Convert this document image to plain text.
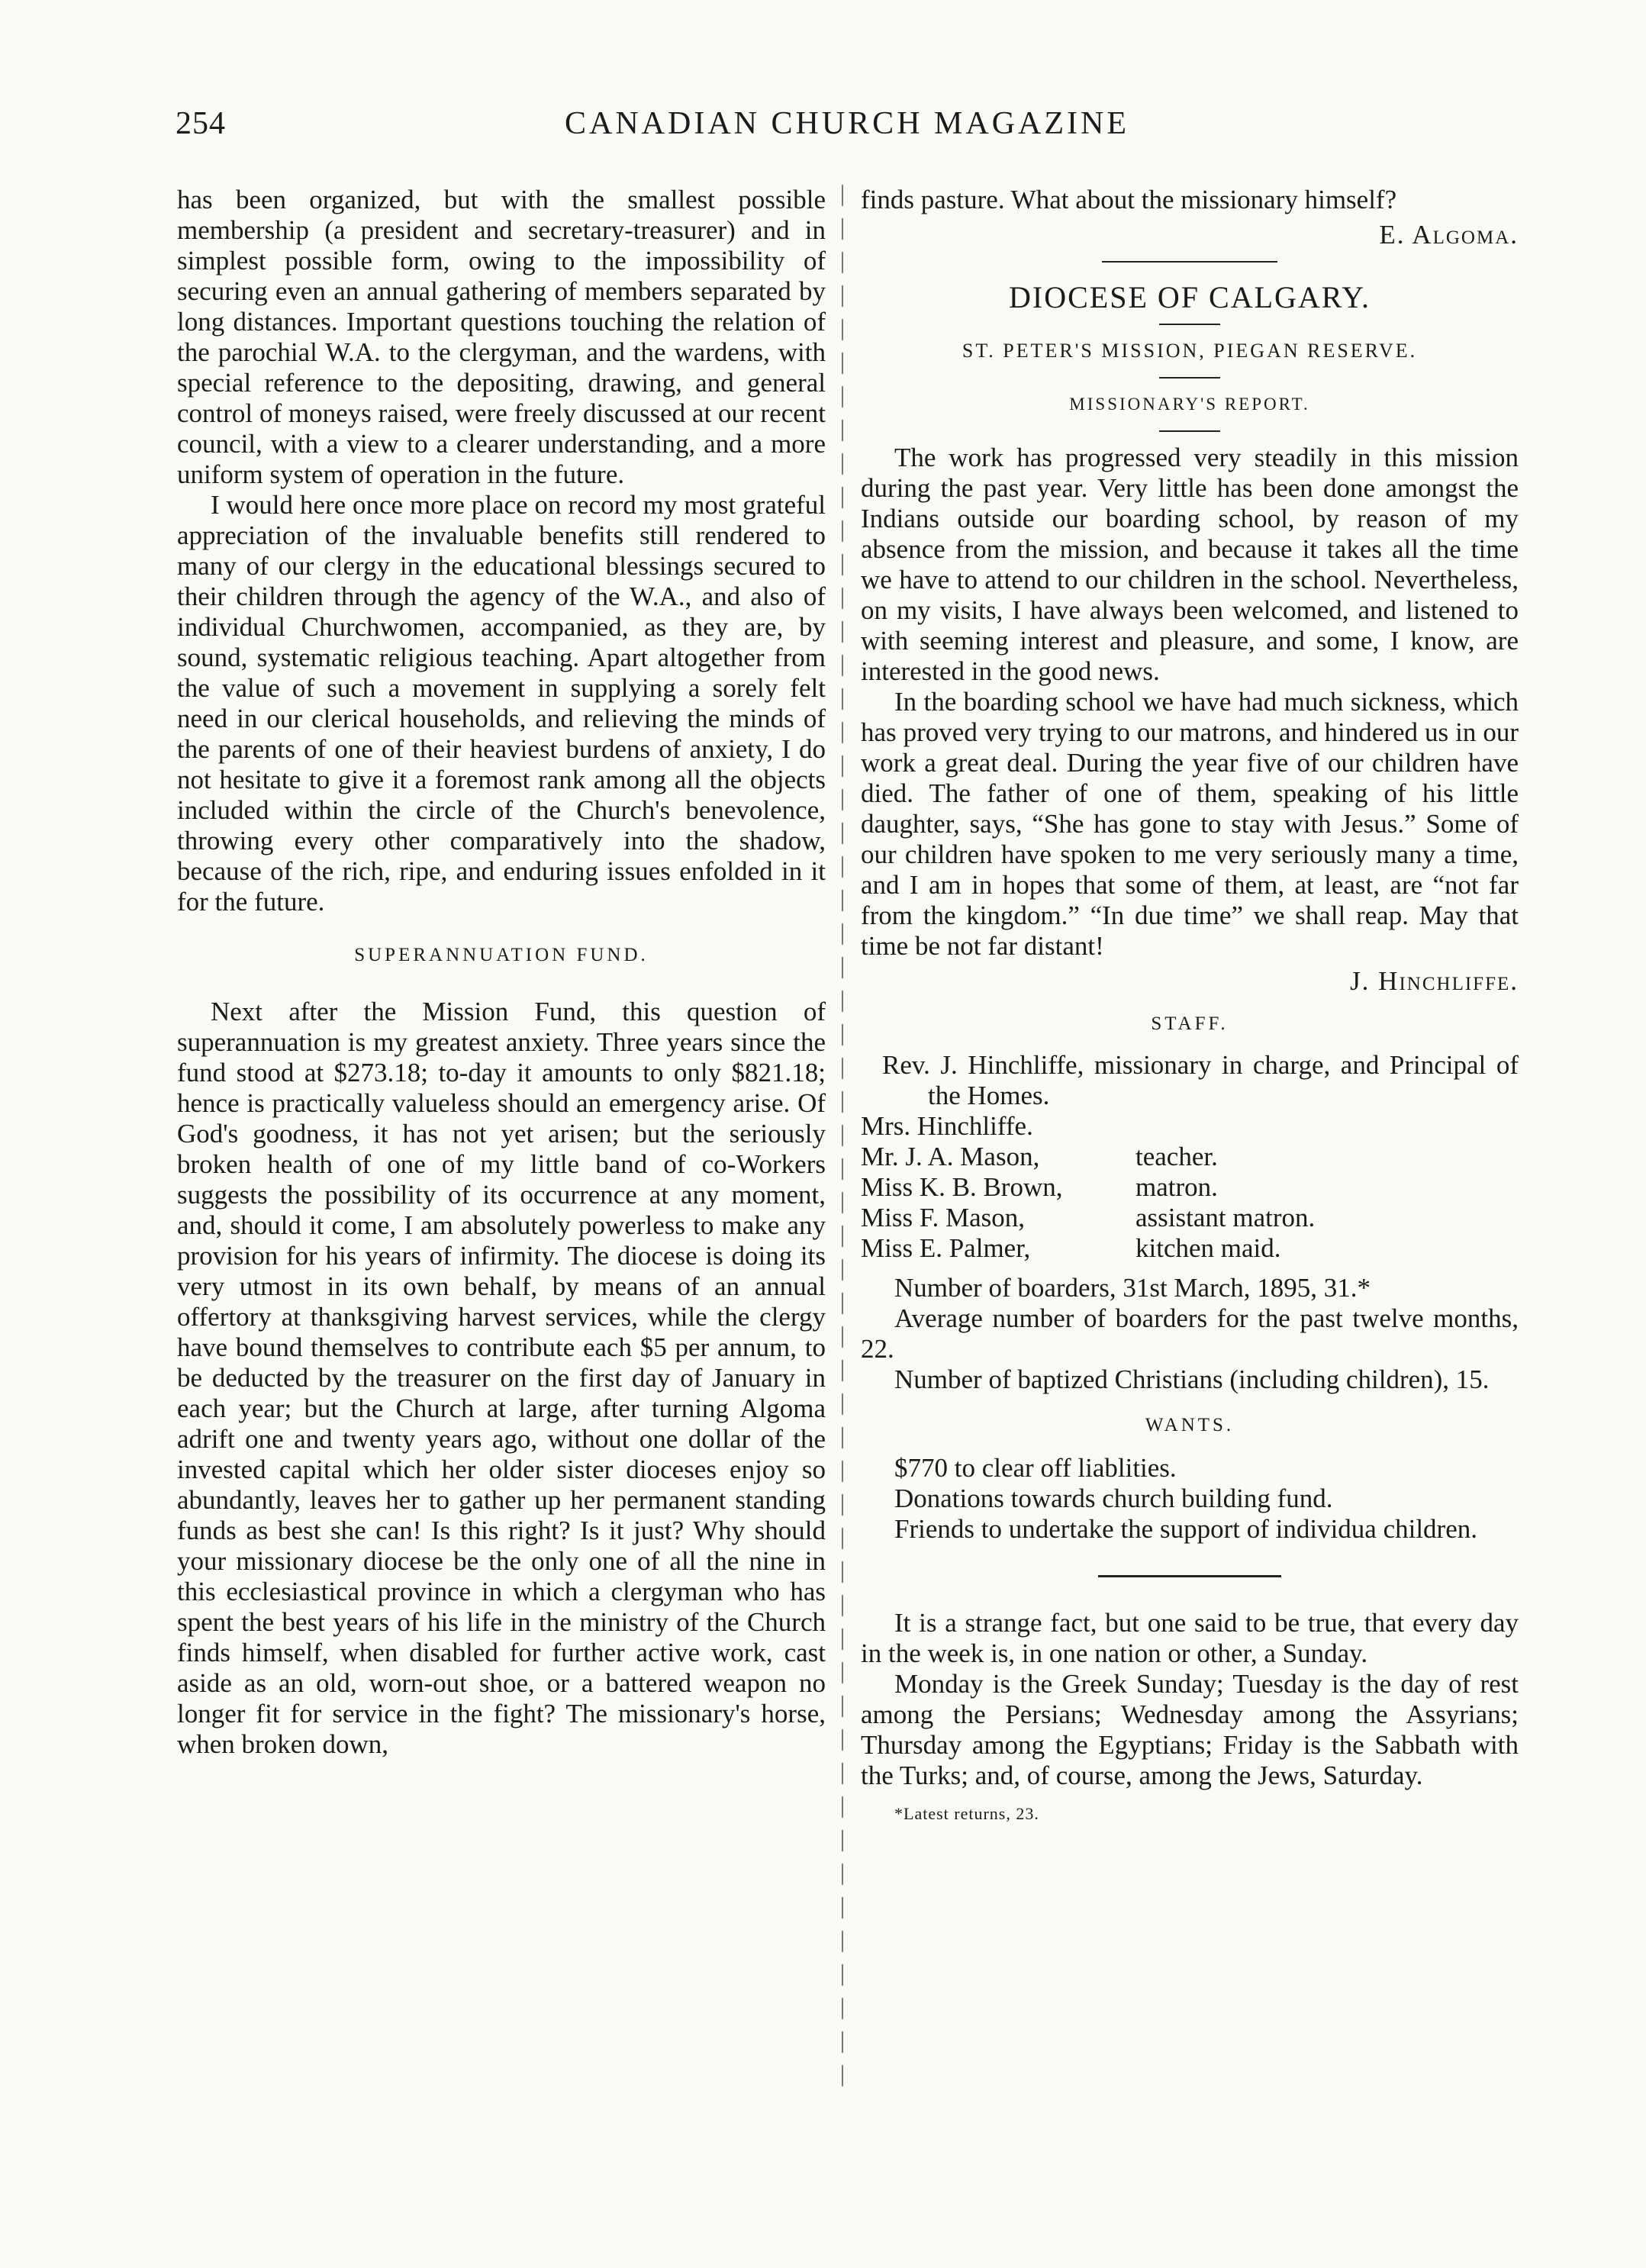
254	CANADIAN CHURCH MAGAZINE

has been organized, but with the smallest possible membership (a president and secretary-treasurer) and in simplest possible form, owing to the impossibility of securing even an annual gathering of members separated by long distances. Important questions touching the relation of the parochial W.A. to the clergyman, and the wardens, with special reference to the depositing, drawing, and general control of moneys raised, were freely discussed at our recent council, with a view to a clearer understanding, and a more uniform system of operation in the future.

I would here once more place on record my most grateful appreciation of the invaluable benefits still rendered to many of our clergy in the educational blessings secured to their children through the agency of the W.A., and also of individual Churchwomen, accompanied, as they are, by sound, systematic religious teaching. Apart altogether from the value of such a movement in supplying a sorely felt need in our clerical households, and relieving the minds of the parents of one of their heaviest burdens of anxiety, I do not hesitate to give it a foremost rank among all the objects included within the circle of the Church's benevolence, throwing every other comparatively into the shadow, because of the rich, ripe, and enduring issues enfolded in it for the future.

SUPERANNUATION FUND.

Next after the Mission Fund, this question of superannuation is my greatest anxiety. Three years since the fund stood at $273.18; to-day it amounts to only $821.18; hence is practically valueless should an emergency arise. Of God's goodness, it has not yet arisen; but the seriously broken health of one of my little band of co-Workers suggests the possibility of its occurrence at any moment, and, should it come, I am absolutely powerless to make any provision for his years of infirmity. The diocese is doing its very utmost in its own behalf, by means of an annual offertory at thanksgiving harvest services, while the clergy have bound themselves to contribute each $5 per annum, to be deducted by the treasurer on the first day of January in each year; but the Church at large, after turning Algoma adrift one and twenty years ago, without one dollar of the invested capital which her older sister dioceses enjoy so abundantly, leaves her to gather up her permanent standing funds as best she can! Is this right? Is it just? Why should your missionary diocese be the only one of all the nine in this ecclesiastical province in which a clergyman who has spent the best years of his life in the ministry of the Church finds himself, when disabled for further active work, cast aside as an old, worn-out shoe, or a battered weapon no longer fit for service in the fight? The missionary's horse, when broken down,

finds pasture. What about the missionary himself?

E. Algoma.
DIOCESE OF CALGARY.
ST. PETER'S MISSION, PIEGAN RESERVE.
MISSIONARY'S REPORT.

The work has progressed very steadily in this mission during the past year. Very little has been done amongst the Indians outside our boarding school, by reason of my absence from the mission, and because it takes all the time we have to attend to our children in the school. Nevertheless, on my visits, I have always been welcomed, and listened to with seeming interest and pleasure, and some, I know, are interested in the good news.

In the boarding school we have had much sickness, which has proved very trying to our matrons, and hindered us in our work a great deal. During the year five of our children have died. The father of one of them, speaking of his little daughter, says, “She has gone to stay with Jesus.” Some of our children have spoken to me very seriously many a time, and I am in hopes that some of them, at least, are “not far from the kingdom.” “In due time” we shall reap. May that time be not far distant!

J. Hinchliffe.
STAFF.

Rev. J. Hinchliffe, missionary in charge, and Principal of the Homes.

Mrs. Hinchliffe.

Mr. J. A. Mason,	teacher.
Miss K. B. Brown,	matron.
Miss F. Mason,	assistant matron.
Miss E. Palmer,	kitchen maid.

Number of boarders, 31st March, 1895, 31.*

Average number of boarders for the past twelve months, 22.

Number of baptized Christians (including children), 15.

WANTS.

$770 to clear off liablities.

Donations towards church building fund.

Friends to undertake the support of individua children.

It is a strange fact, but one said to be true, that every day in the week is, in one nation or other, a Sunday.

Monday is the Greek Sunday; Tuesday is the day of rest among the Persians; Wednesday among the Assyrians; Thursday among the Egyptians; Friday is the Sabbath with the Turks; and, of course, among the Jews, Saturday.

*Latest returns, 23.
